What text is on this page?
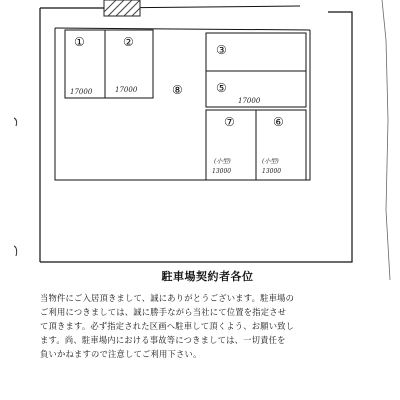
①	②
③
⑤
⑦	⑥
⑧
17000	17000
17000
(小型)
13000
(小型)
13000
駐車場契約者各位

当物件にご入居頂きまして、誠にありがとうございます。駐車場の

ご利用につきましては、誠に勝手ながら当社にて位置を指定させ

て頂きます。必ず指定された区画へ駐車して頂くよう、お願い致し

ます。尚、駐車場内における事故等につきましては、一切責任を

負いかねますので注意してご利用下さい。
